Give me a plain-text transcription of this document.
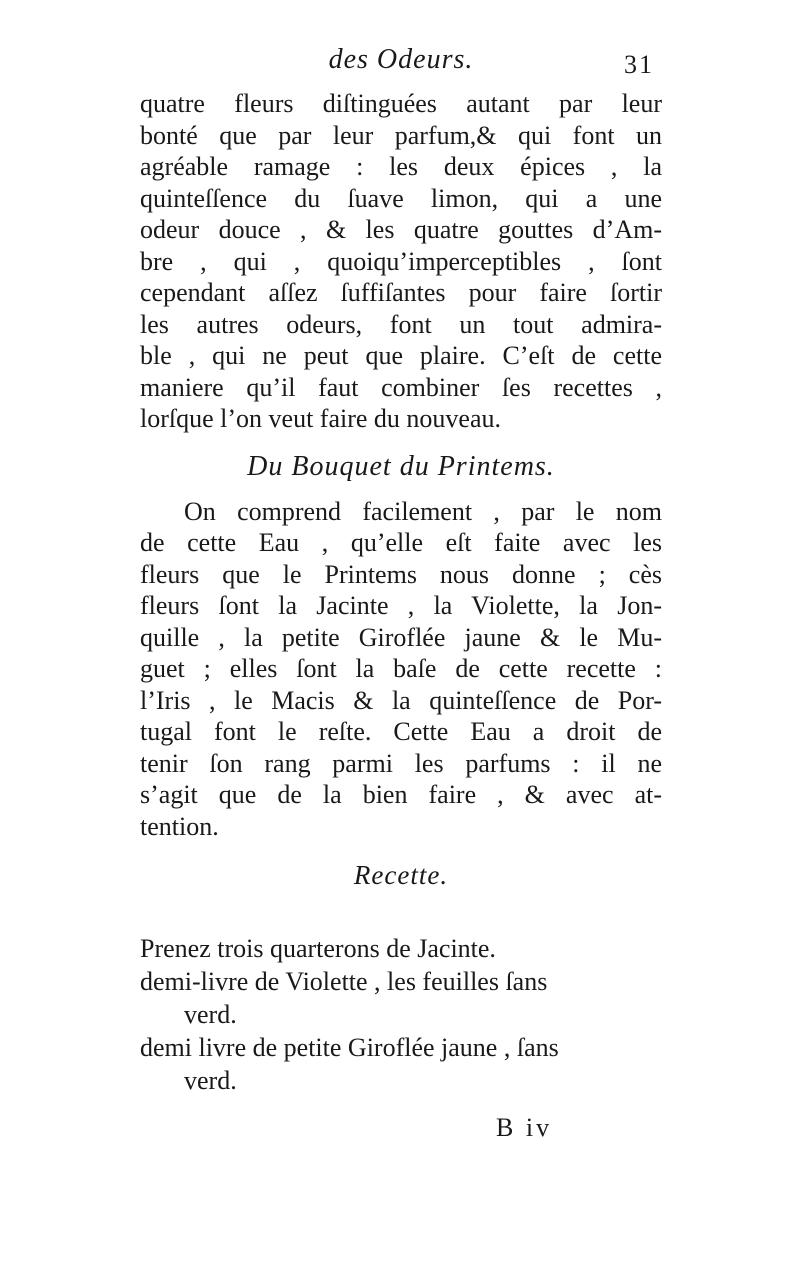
des Odeurs.	31
quatre fleurs diſtinguées autant par leur
bonté que par leur parfum,& qui font un
agréable ramage : les deux épices , la
quinteſſence du ſuave limon, qui a une
odeur douce , & les quatre gouttes d’Am-
bre , qui , quoiqu’imperceptibles , ſont
cependant aſſez ſuffiſantes pour faire ſortir
les autres odeurs, font un tout admira-
ble , qui ne peut que plaire. C’eſt de cette
maniere qu’il faut combiner ſes recettes ,
lorſque l’on veut faire du nouveau.
Du Bouquet du Printems.
On comprend facilement , par le nom
de cette Eau , qu’elle eſt faite avec les
fleurs que le Printems nous donne ; cès
fleurs ſont la Jacinte , la Violette, la Jon-
quille , la petite Giroflée jaune & le Mu-
guet ; elles ſont la baſe de cette recette :
l’Iris , le Macis & la quinteſſence de Por-
tugal font le reſte. Cette Eau a droit de
tenir ſon rang parmi les parfums : il ne
s’agit que de la bien faire , & avec at-
tention.
Recette.
Prenez trois quarterons de Jacinte.
demi-livre de Violette , les feuilles ſans
verd.
demi livre de petite Giroflée jaune , ſans
verd.
B iv
